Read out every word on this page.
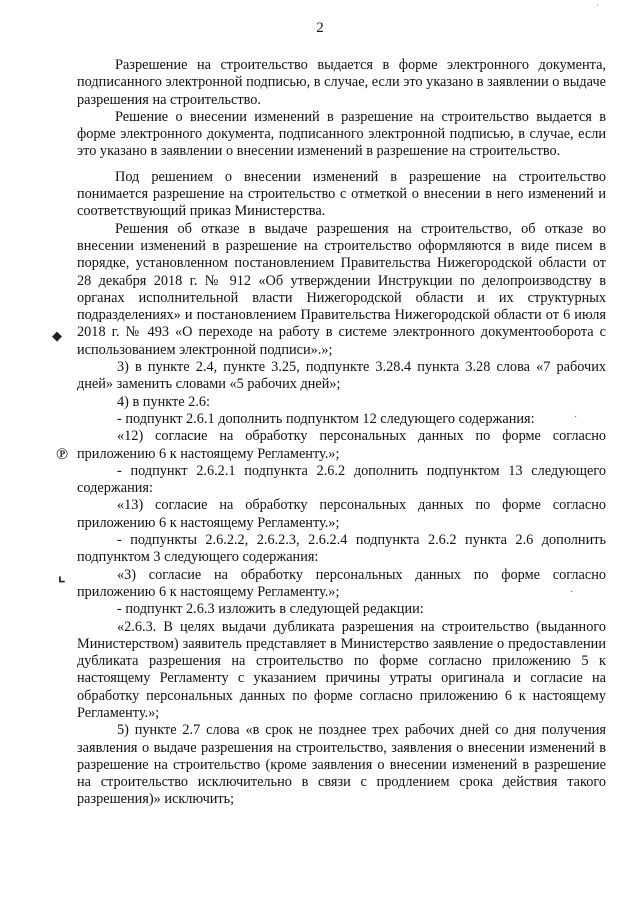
2

Разрешение на строительство выдается в форме электронного документа, подписанного электронной подписью, в случае, если это указано в заявлении о выдаче разрешения на строительство.

Решение о внесении изменений в разрешение на строительство выдается в форме электронного документа, подписанного электронной подписью, в случае, если это указано в заявлении о внесении изменений в разрешение на строительство.

Под решением о внесении изменений в разрешение на строительство понимается разрешение на строительство с отметкой о внесении в него изменений и соответствующий приказ Министерства.

Решения об отказе в выдаче разрешения на строительство, об отказе во внесении изменений в разрешение на строительство оформляются в виде писем в порядке, установленном постановлением Правительства Нижегородской области от 28 декабря 2018 г. № 912 «Об утверждении Инструкции по делопроизводству в органах исполнительной власти Нижегородской области и их структурных подразделениях» и постановлением Правительства Нижегородской области от 6 июля 2018 г. № 493 «О переходе на работу в системе электронного документооборота с использованием электронной подписи».»;

3) в пункте 2.4, пункте 3.25, подпункте 3.28.4 пункта 3.28 слова «7 рабочих дней» заменить словами «5 рабочих дней»;

4) в пункте 2.6:

- подпункт 2.6.1 дополнить подпунктом 12 следующего содержания:

«12) согласие на обработку персональных данных по форме согласно приложению 6 к настоящему Регламенту.»;

- подпункт 2.6.2.1 подпункта 2.6.2 дополнить подпунктом 13 следующего содержания:

«13) согласие на обработку персональных данных по форме согласно приложению 6 к настоящему Регламенту.»;

- подпункты 2.6.2.2, 2.6.2.3, 2.6.2.4 подпункта 2.6.2 пункта 2.6 дополнить подпунктом 3 следующего содержания:

«3) согласие на обработку персональных данных по форме согласно приложению 6 к настоящему Регламенту.»;

- подпункт 2.6.3 изложить в следующей редакции:

«2.6.3. В целях выдачи дубликата разрешения на строительство (выданного Министерством) заявитель представляет в Министерство заявление о предоставлении дубликата разрешения на строительство по форме согласно приложению 5 к настоящему Регламенту с указанием причины утраты оригинала и согласие на обработку персональных данных по форме согласно приложению 6 к настоящему Регламенту.»;

5) пункте 2.7 слова «в срок не позднее трех рабочих дней со дня получения заявления о выдаче разрешения на строительство, заявления о внесении изменений в разрешение на строительство (кроме заявления о внесении изменений в разрешение на строительство исключительно в связи с продлением срока действия такого разрешения)» исключить;

◆
℗
⌞
·
·
·
